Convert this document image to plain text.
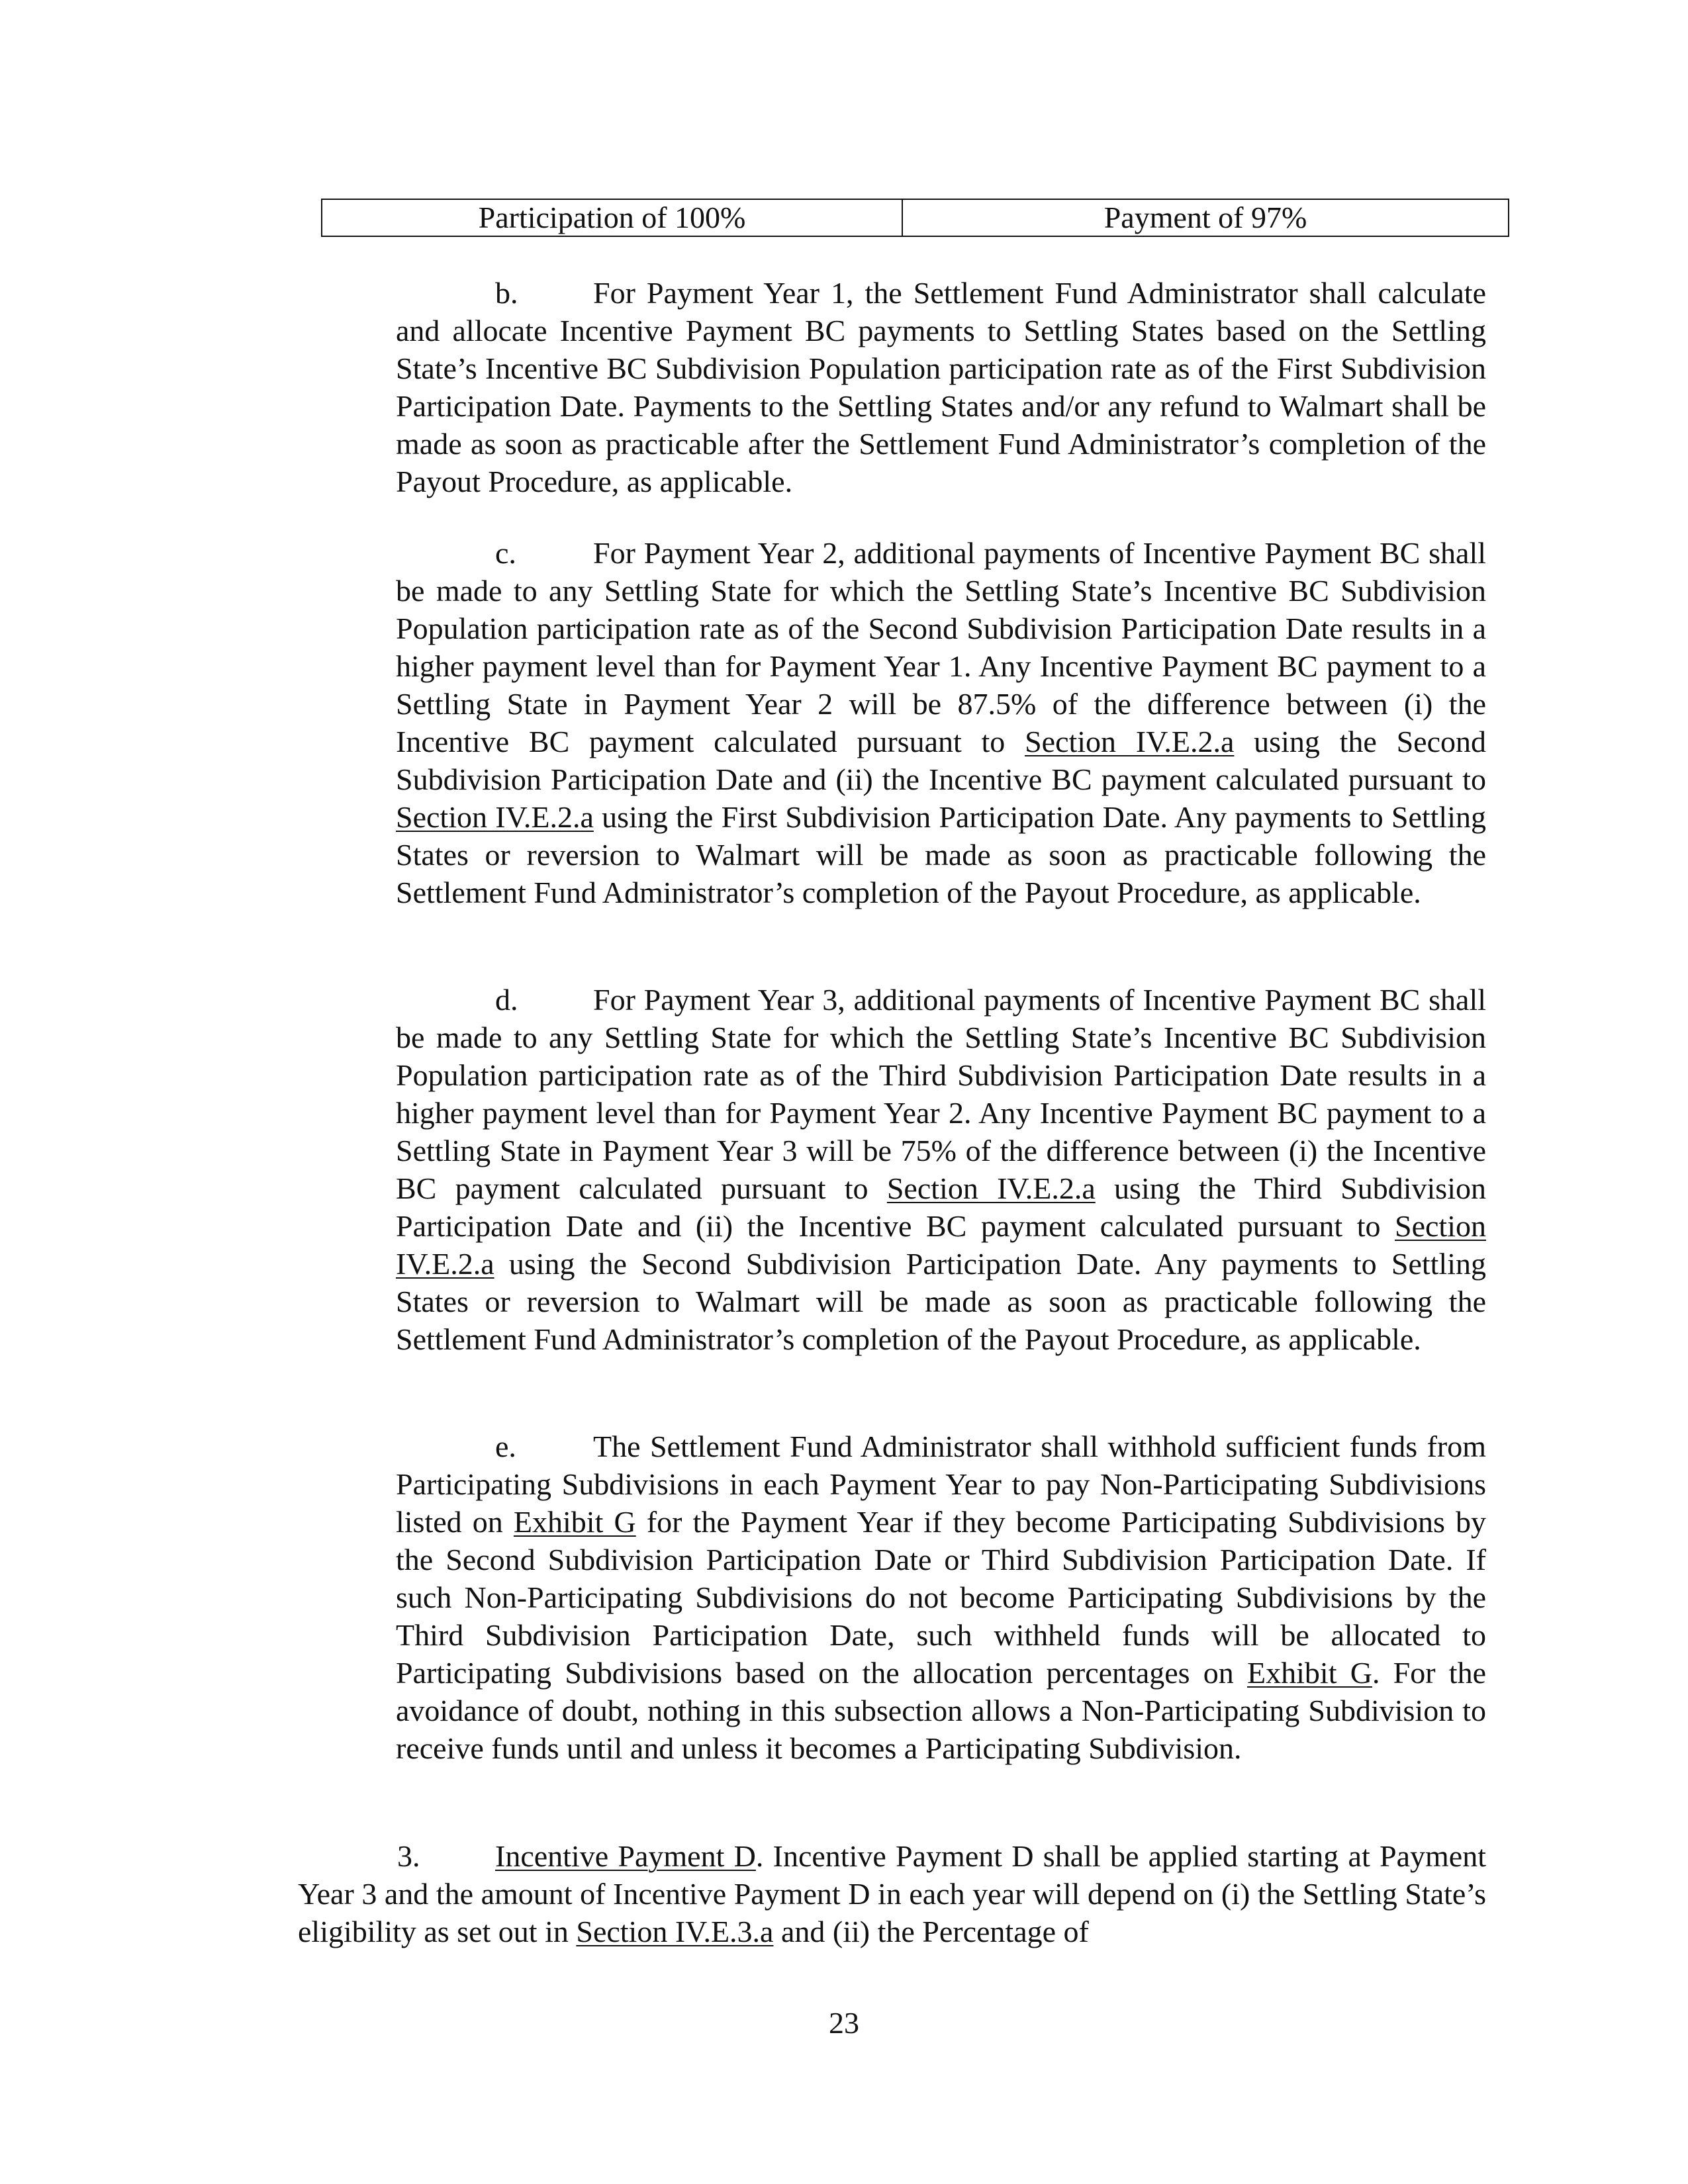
Participation of 100%	Payment of 97%

b. For Payment Year 1, the Settlement Fund Administrator shall calculate and allocate Incentive Payment BC payments to Settling States based on the Settling State’s Incentive BC Subdivision Population participation rate as of the First Subdivision Participation Date. Payments to the Settling States and/or any refund to Walmart shall be made as soon as practicable after the Settlement Fund Administrator’s completion of the Payout Procedure, as applicable.

c.	For Payment Year 2, additional payments of Incentive Payment BC shall be made to any Settling State for which the Settling State’s Incentive BC Subdivision Population participation rate as of the Second Subdivision Participation Date results in a higher payment level than for Payment Year 1. Any Incentive Payment BC payment to a Settling State in Payment Year 2 will be 87.5% of the difference between (i) the Incentive BC payment calculated pursuant to Section IV.E.2.a using the Second Subdivision Participation Date and (ii) the Incentive BC payment calculated pursuant to Section IV.E.2.a using the First Subdivision Participation Date. Any payments to Settling States or reversion to Walmart will be made as soon as practicable following the Settlement Fund Administrator’s completion of the Payout Procedure, as applicable.

d. For Payment Year 3, additional payments of Incentive Payment BC shall be made to any Settling State for which the Settling State’s Incentive BC Subdivision Population participation rate as of the Third Subdivision Participation Date results in a higher payment level than for Payment Year 2. Any Incentive Payment BC payment to a Settling State in Payment Year 3 will be 75% of the difference between (i) the Incentive BC payment calculated pursuant to Section IV.E.2.a using the Third Subdivision Participation Date and (ii) the Incentive BC payment calculated pursuant to Section IV.E.2.a using the Second Subdivision Participation Date. Any payments to Settling States or reversion to Walmart will be made as soon as practicable following the Settlement Fund Administrator’s completion of the Payout Procedure, as applicable.

e.	The Settlement Fund Administrator shall withhold sufficient funds from Participating Subdivisions in each Payment Year to pay Non-Participating Subdivisions listed on Exhibit G for the Payment Year if they become Participating Subdivisions by the Second Subdivision Participation Date or Third Subdivision Participation Date. If such Non-Participating Subdivisions do not become Participating Subdivisions by the Third Subdivision Participation Date, such withheld funds will be allocated to Participating Subdivisions based on the allocation percentages on Exhibit G. For the avoidance of doubt, nothing in this subsection allows a Non-Participating Subdivision to receive funds until and unless it becomes a Participating Subdivision.

3. Incentive Payment D. Incentive Payment D shall be applied starting at Payment Year 3 and the amount of Incentive Payment D in each year will depend on (i) the Settling State’s eligibility as set out in Section IV.E.3.a and (ii) the Percentage of

23
